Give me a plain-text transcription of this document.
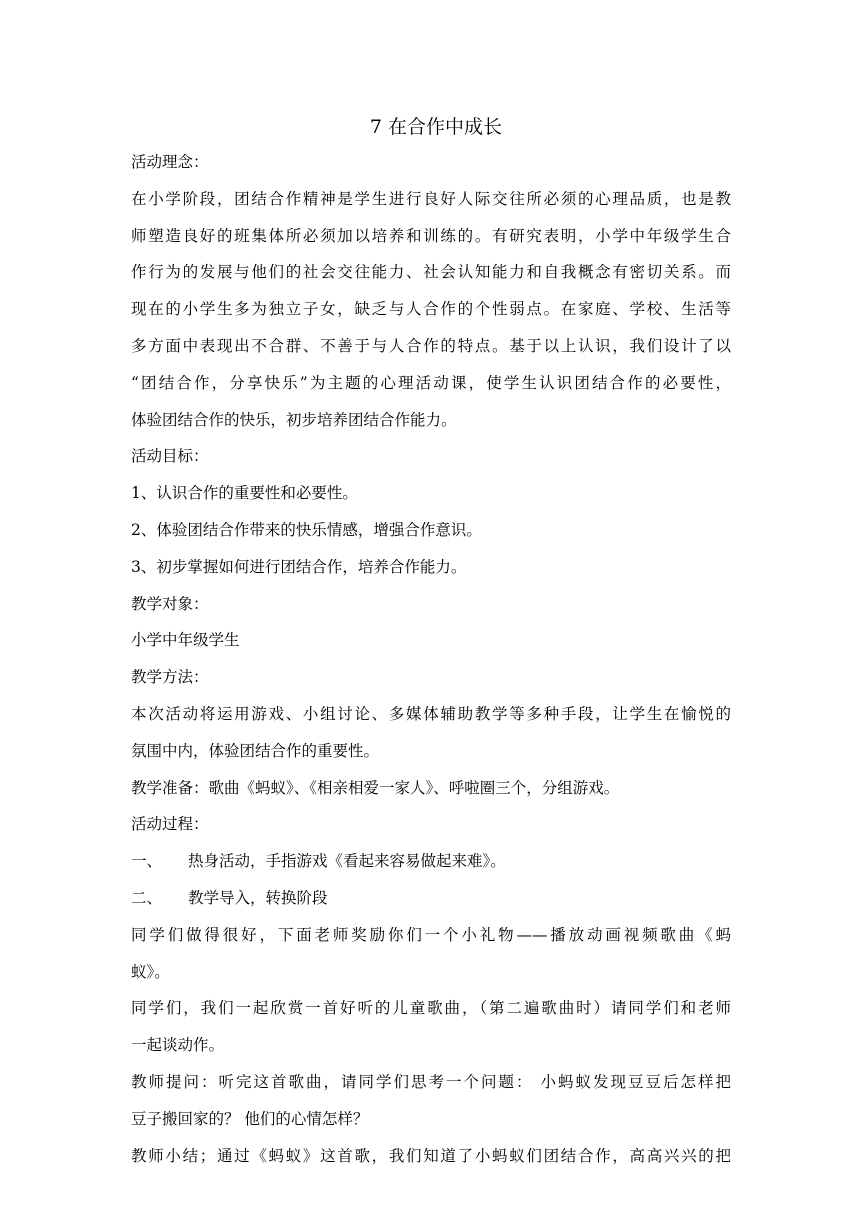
7 在合作中成长
活动理念：
在小学阶段，团结合作精神是学生进行良好人际交往所必须的心理品质，也是教
师塑造良好的班集体所必须加以培养和训练的。有研究表明，小学中年级学生合
作行为的发展与他们的社会交往能力、社会认知能力和自我概念有密切关系。而
现在的小学生多为独立子女，缺乏与人合作的个性弱点。在家庭、学校、生活等
多方面中表现出不合群、不善于与人合作的特点。基于以上认识，我们设计了以
“团结合作，分享快乐”为主题的心理活动课，使学生认识团结合作的必要性，
体验团结合作的快乐，初步培养团结合作能力。
活动目标：
1、认识合作的重要性和必要性。
2、体验团结合作带来的快乐情感，增强合作意识。
3、初步掌握如何进行团结合作，培养合作能力。
教学对象：
小学中年级学生
教学方法：
本次活动将运用游戏、小组讨论、多媒体辅助教学等多种手段，让学生在愉悦的
氛围中内，体验团结合作的重要性。
教学准备：歌曲《蚂蚁》、《相亲相爱一家人》、呼啦圈三个，分组游戏。
活动过程：
一、 热身活动，手指游戏《看起来容易做起来难》。
二、 教学导入，转换阶段
同学们做得很好，下面老师奖励你们一个小礼物——播放动画视频歌曲《蚂
蚁》。
同学们，我们一起欣赏一首好听的儿童歌曲，（第二遍歌曲时）请同学们和老师
一起谈动作。
教师提问：听完这首歌曲，请同学们思考一个问题： 小蚂蚁发现豆豆后怎样把
豆子搬回家的？ 他们的心情怎样？
教师小结；通过《蚂蚁》这首歌，我们知道了小蚂蚁们团结合作，高高兴兴的把
